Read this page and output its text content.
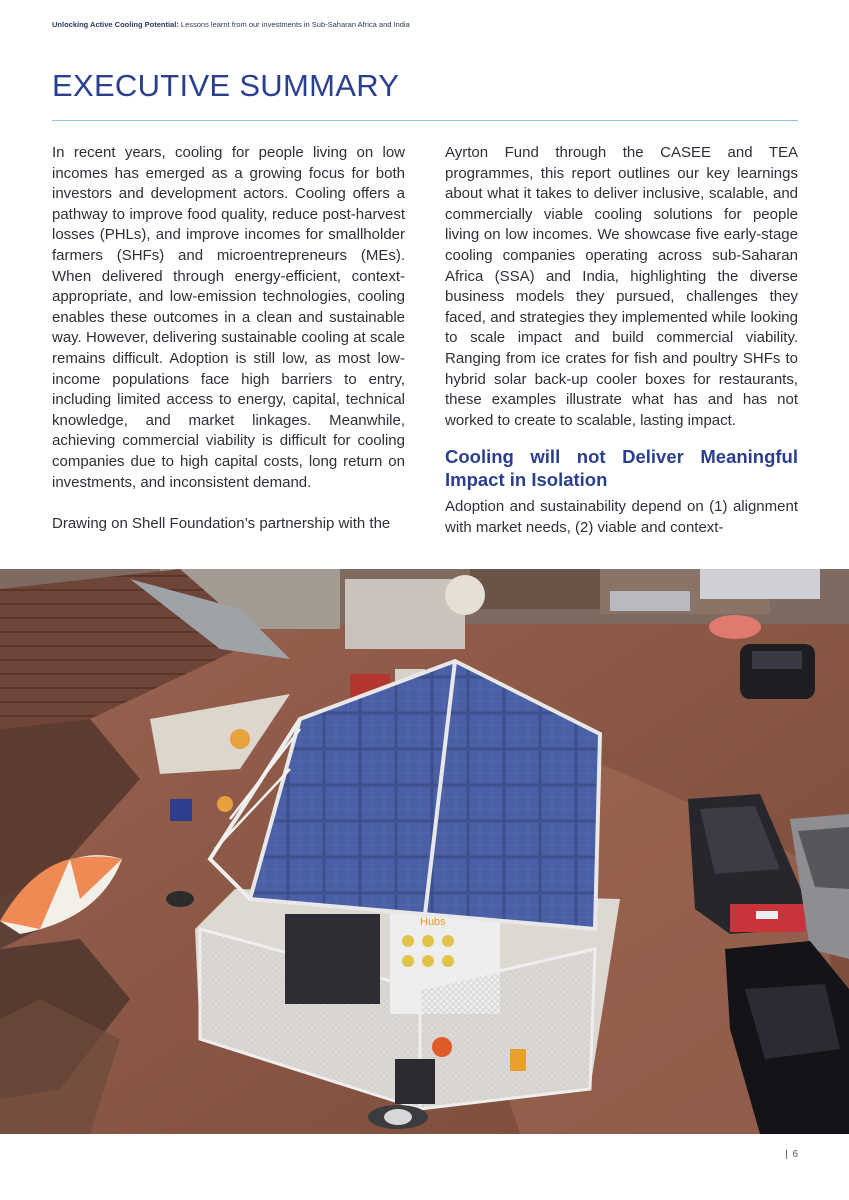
Unlocking Active Cooling Potential: Lessons learnt from our investments in Sub-Saharan Africa and India
EXECUTIVE SUMMARY

In recent years, cooling for people living on low incomes has emerged as a growing focus for both investors and development actors. Cooling offers a pathway to improve food quality, reduce post-harvest losses (PHLs), and improve incomes for smallholder farmers (SHFs) and microentrepreneurs (MEs). When delivered through energy-efficient, context-appropriate, and low-emission technologies, cooling enables these outcomes in a clean and sustainable way. However, delivering sustainable cooling at scale remains difficult. Adoption is still low, as most low-income populations face high barriers to entry, including limited access to energy, capital, technical knowledge, and market linkages. Meanwhile, achieving commercial viability is difficult for cooling companies due to high capital costs, long return on investments, and inconsistent demand.

Drawing on Shell Foundation’s partnership with the

Ayrton Fund through the CASEE and TEA programmes, this report outlines our key learnings about what it takes to deliver inclusive, scalable, and commercially viable cooling solutions for people living on low incomes. We showcase five early-stage cooling companies operating across sub-Saharan Africa (SSA) and India, highlighting the diverse business models they pursued, challenges they faced, and strategies they implemented while looking to scale impact and build commercial viability. Ranging from ice crates for fish and poultry SHFs to hybrid solar back-up cooler boxes for restaurants, these examples illustrate what has and has not worked to create to scalable, lasting impact.

Cooling will not Deliver Meaningful Impact in Isolation

Adoption and sustainability depend on (1) alignment with market needs, (2) viable and context-

Hubs
| 6
